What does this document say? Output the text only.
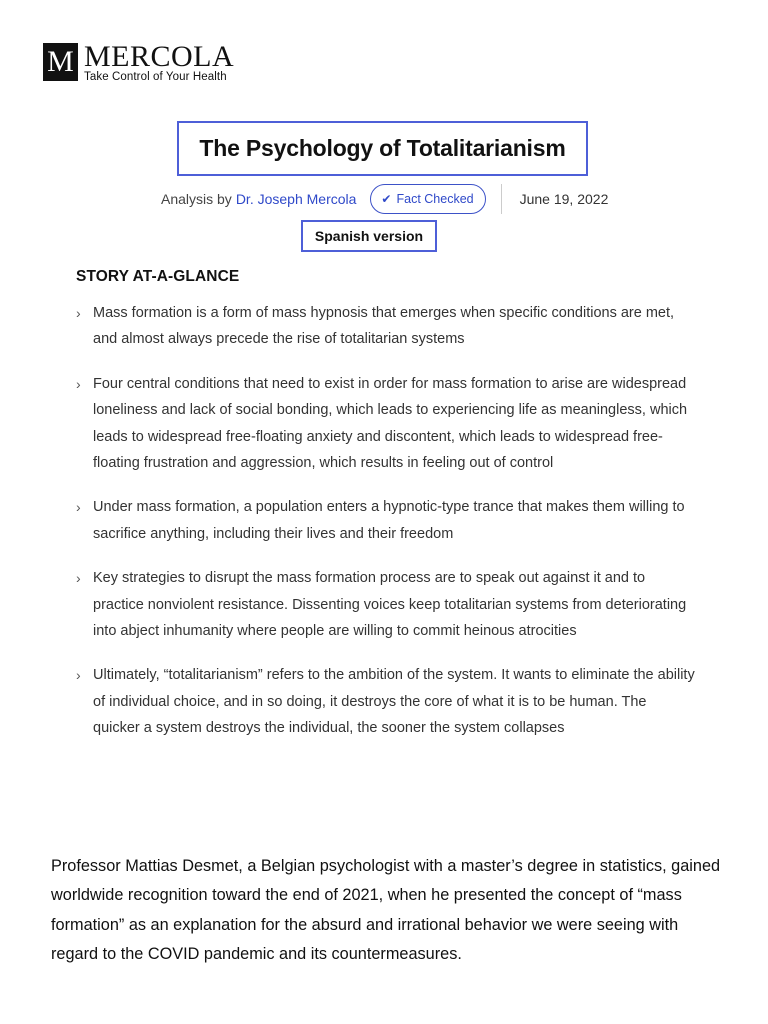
M MERCOLA
Take Control of Your Health
The Psychology of Totalitarianism
Analysis by Dr. Joseph Mercola ✔ Fact Checked	June 19, 2022
Spanish version
STORY AT-A-GLANCE
› Mass formation is a form of mass hypnosis that emerges when specific conditions are met, and almost always precede the rise of totalitarian systems
› Four central conditions that need to exist in order for mass formation to arise are widespread loneliness and lack of social bonding, which leads to experiencing life as meaningless, which leads to widespread free-floating anxiety and discontent, which leads to widespread free-floating frustration and aggression, which results in feeling out of control
› Under mass formation, a population enters a hypnotic-type trance that makes them willing to sacrifice anything, including their lives and their freedom
› Key strategies to disrupt the mass formation process are to speak out against it and to practice nonviolent resistance. Dissenting voices keep totalitarian systems from deteriorating into abject inhumanity where people are willing to commit heinous atrocities
› Ultimately, “totalitarianism” refers to the ambition of the system. It wants to eliminate the ability of individual choice, and in so doing, it destroys the core of what it is to be human. The quicker a system destroys the individual, the sooner the system collapses

Professor Mattias Desmet, a Belgian psychologist with a master’s degree in statistics, gained worldwide recognition toward the end of 2021, when he presented the concept of “mass formation” as an explanation for the absurd and irrational behavior we were seeing with regard to the COVID pandemic and its countermeasures.
